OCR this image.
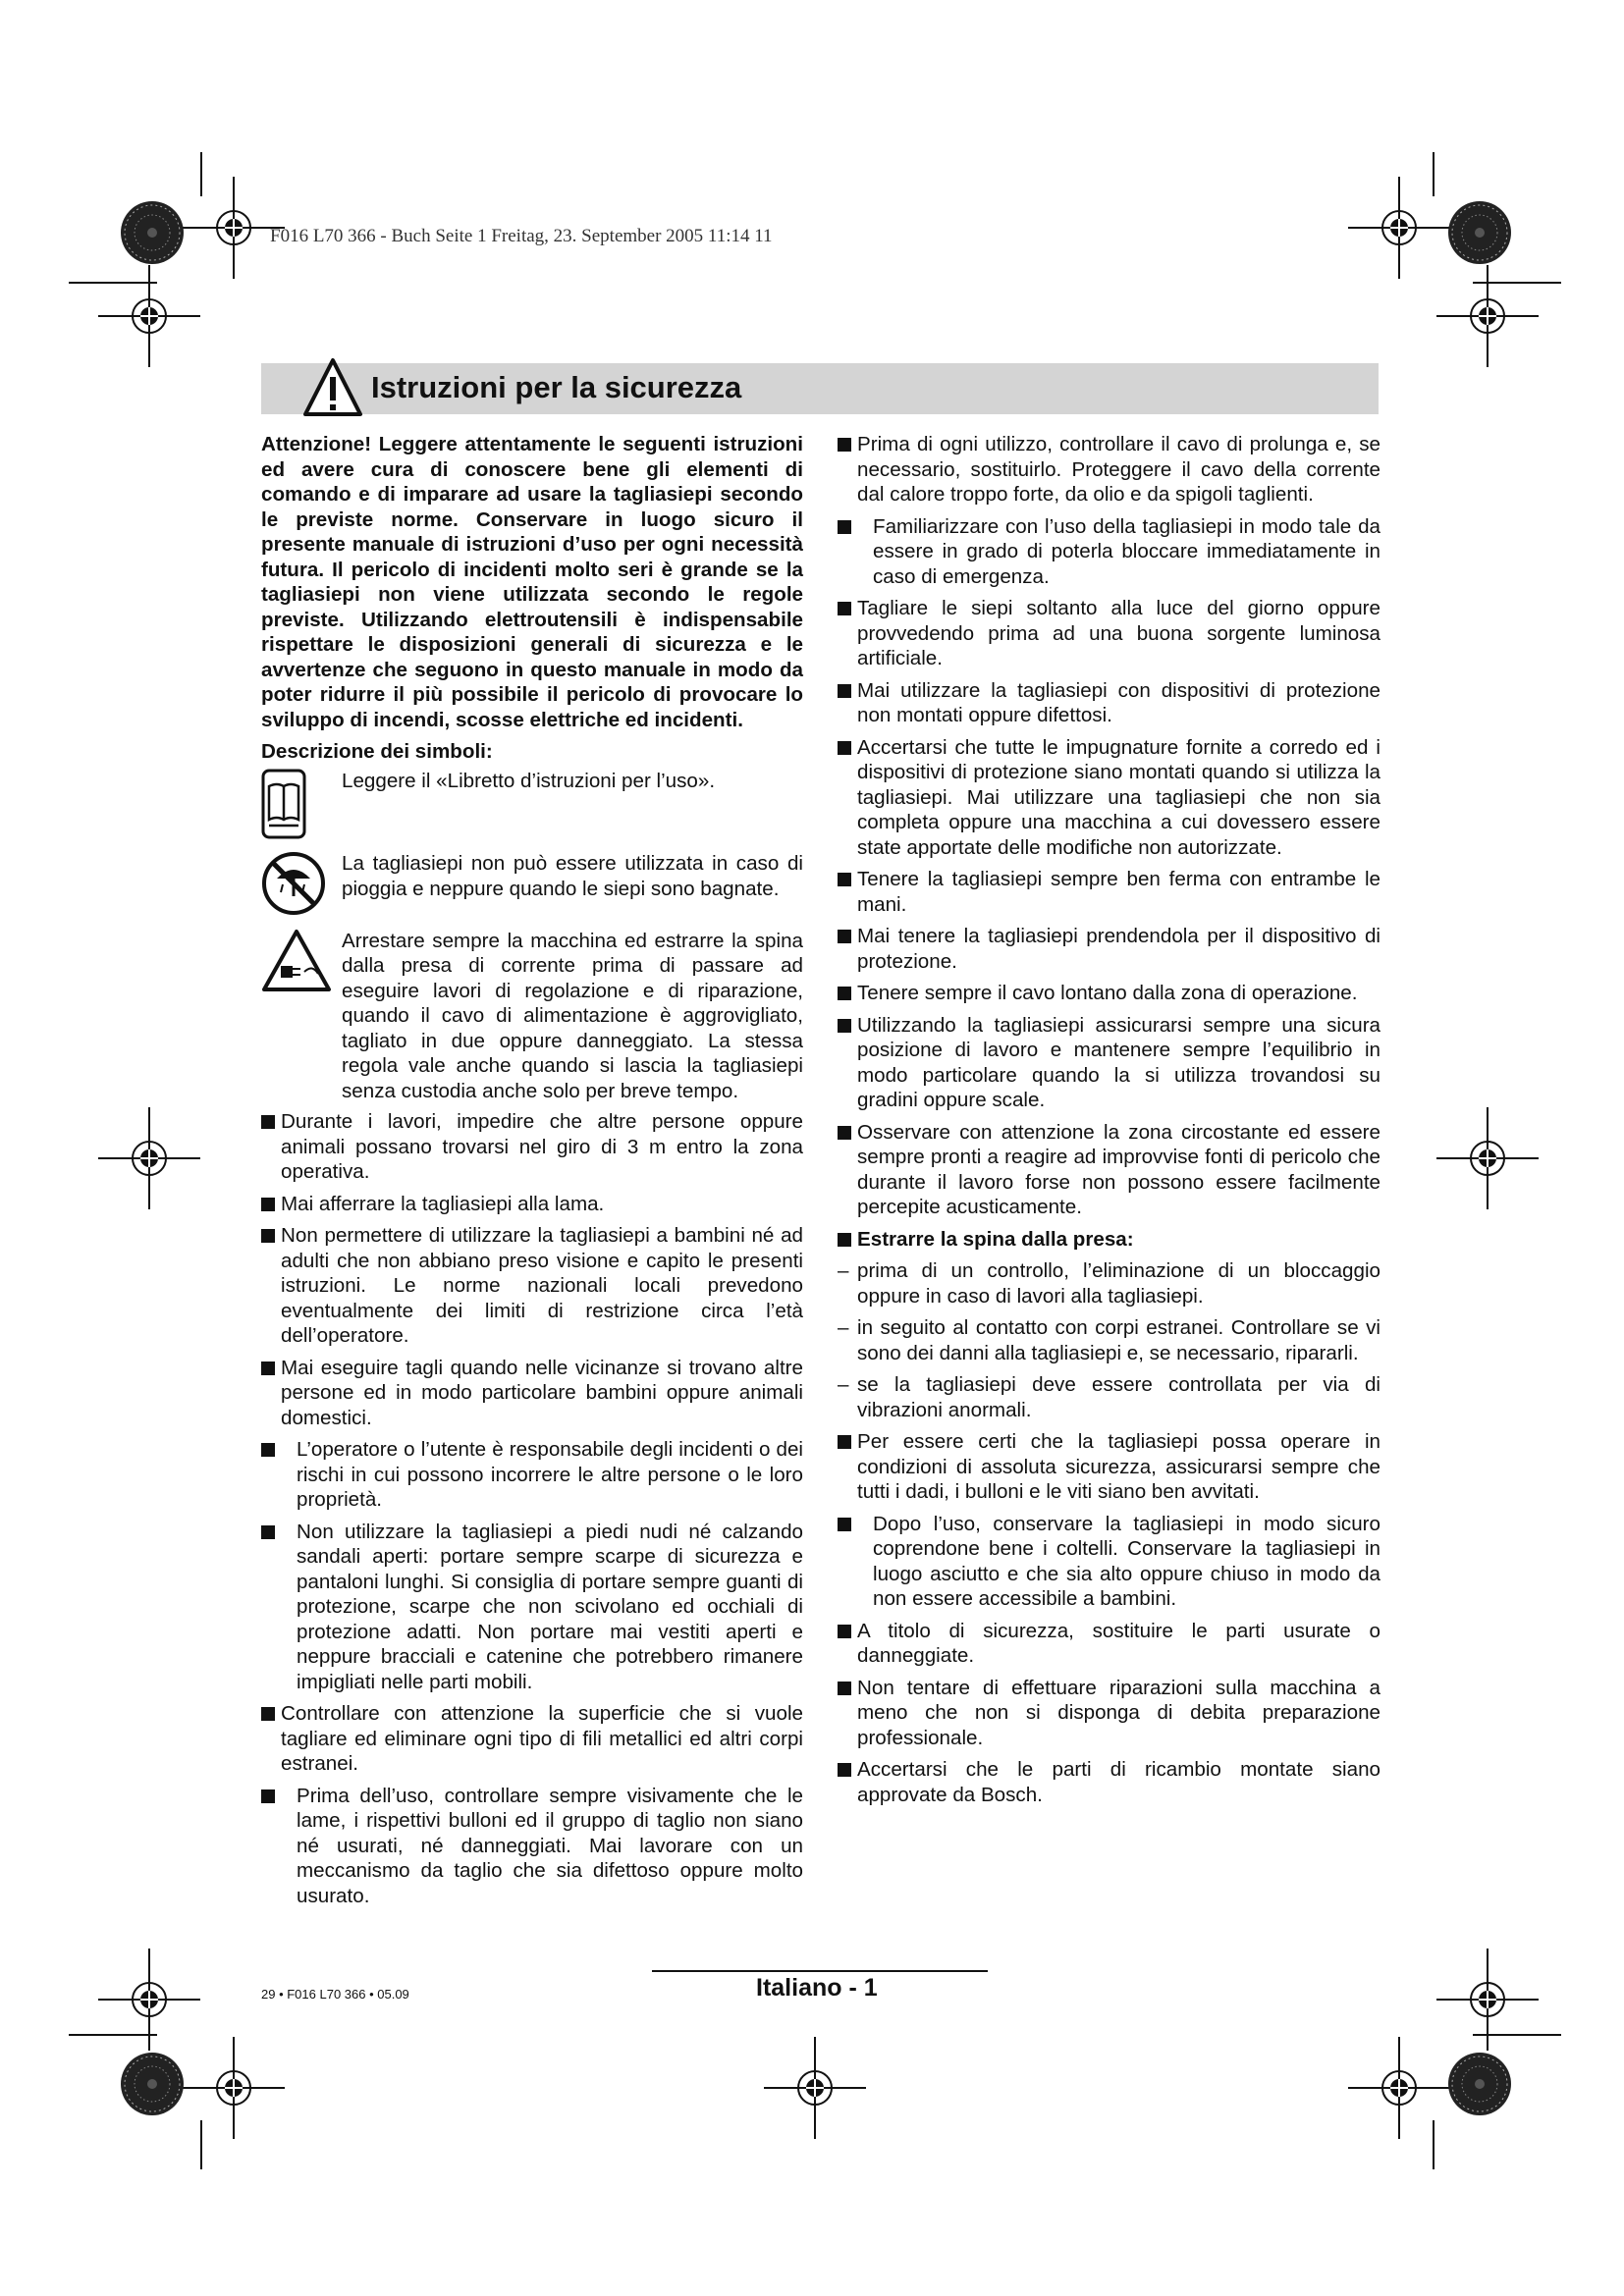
F016 L70 366 - Buch Seite 1 Freitag, 23. September 2005 11:14 11
Istruzioni per la sicurezza

Attenzione! Leggere attentamente le seguenti istruzioni ed avere cura di conoscere bene gli elementi di comando e di imparare ad usare la tagliasiepi secondo le previste norme. Conservare in luogo sicuro il presente manuale di istruzioni d’uso per ogni necessità futura. Il pericolo di incidenti molto seri è grande se la tagliasiepi non viene utilizzata secondo le regole previste. Utilizzando elettroutensili è indispensabile rispettare le disposizioni generali di sicurezza e le avvertenze che seguono in questo manuale in modo da poter ridurre il più possibile il pericolo di provocare lo sviluppo di incendi, scosse elettriche ed incidenti.

Descrizione dei simboli:
Leggere il «Libretto d’istruzioni per l’uso».
La tagliasiepi non può essere utilizzata in caso di pioggia e neppure quando le siepi sono bagnate.
Arrestare sempre la macchina ed estrarre la spina dalla presa di corrente prima di passare ad eseguire lavori di regolazione e di riparazione, quando il cavo di alimentazione è aggrovigliato, tagliato in due oppure danneggiato. La stessa regola vale anche quando si lascia la tagliasiepi senza custodia anche solo per breve tempo.
Durante i lavori, impedire che altre persone oppure animali possano trovarsi nel giro di 3 m entro la zona operativa.
Mai afferrare la tagliasiepi alla lama.
Non permettere di utilizzare la tagliasiepi a bambini né ad adulti che non abbiano preso visione e capito le presenti istruzioni. Le norme nazionali locali prevedono eventualmente dei limiti di restrizione circa l’età dell’operatore.
Mai eseguire tagli quando nelle vicinanze si trovano altre persone ed in modo particolare bambini oppure animali domestici.
L’operatore o l’utente è responsabile degli incidenti o dei rischi in cui possono incorrere le altre persone o le loro proprietà.
Non utilizzare la tagliasiepi a piedi nudi né calzando sandali aperti: portare sempre scarpe di sicurezza e pantaloni lunghi. Si consiglia di portare sempre guanti di protezione, scarpe che non scivolano ed occhiali di protezione adatti. Non portare mai vestiti aperti e neppure bracciali e catenine che potrebbero rimanere impigliati nelle parti mobili.
Controllare con attenzione la superficie che si vuole tagliare ed eliminare ogni tipo di fili metallici ed altri corpi estranei.
Prima dell’uso, controllare sempre visivamente che le lame, i rispettivi bulloni ed il gruppo di taglio non siano né usurati, né danneggiati. Mai lavorare con un meccanismo da taglio che sia difettoso oppure molto usurato.
Prima di ogni utilizzo, controllare il cavo di prolunga e, se necessario, sostituirlo. Proteggere il cavo della corrente dal calore troppo forte, da olio e da spigoli taglienti.
Familiarizzare con l’uso della tagliasiepi in modo tale da essere in grado di poterla bloccare immediatamente in caso di emergenza.
Tagliare le siepi soltanto alla luce del giorno oppure provvedendo prima ad una buona sorgente luminosa artificiale.
Mai utilizzare la tagliasiepi con dispositivi di protezione non montati oppure difettosi.
Accertarsi che tutte le impugnature fornite a corredo ed i dispositivi di protezione siano montati quando si utilizza la tagliasiepi. Mai utilizzare una tagliasiepi che non sia completa oppure una macchina a cui dovessero essere state apportate delle modifiche non autorizzate.
Tenere la tagliasiepi sempre ben ferma con entrambe le mani.
Mai tenere la tagliasiepi prendendola per il dispositivo di protezione.
Tenere sempre il cavo lontano dalla zona di operazione.
Utilizzando la tagliasiepi assicurarsi sempre una sicura posizione di lavoro e mantenere sempre l’equilibrio in modo particolare quando la si utilizza trovandosi su gradini oppure scale.
Osservare con attenzione la zona circostante ed essere sempre pronti a reagire ad improvvise fonti di pericolo che durante il lavoro forse non possono essere facilmente percepite acusticamente.
Estrarre la spina dalla presa:
– prima di un controllo, l’eliminazione di un bloccaggio oppure in caso di lavori alla tagliasiepi.
– in seguito al contatto con corpi estranei. Controllare se vi sono dei danni alla tagliasiepi e, se necessario, ripararli.
– se la tagliasiepi deve essere controllata per via di vibrazioni anormali.
Per essere certi che la tagliasiepi possa operare in condizioni di assoluta sicurezza, assicurarsi sempre che tutti i dadi, i bulloni e le viti siano ben avvitati.
Dopo l’uso, conservare la tagliasiepi in modo sicuro coprendone bene i coltelli. Conservare la tagliasiepi in luogo asciutto e che sia alto oppure chiuso in modo da non essere accessibile a bambini.
A titolo di sicurezza, sostituire le parti usurate o danneggiate.
Non tentare di effettuare riparazioni sulla macchina a meno che non si disponga di debita preparazione professionale.
Accertarsi che le parti di ricambio montate siano approvate da Bosch.
29 • F016 L70 366 • 05.09	Italiano - 1
